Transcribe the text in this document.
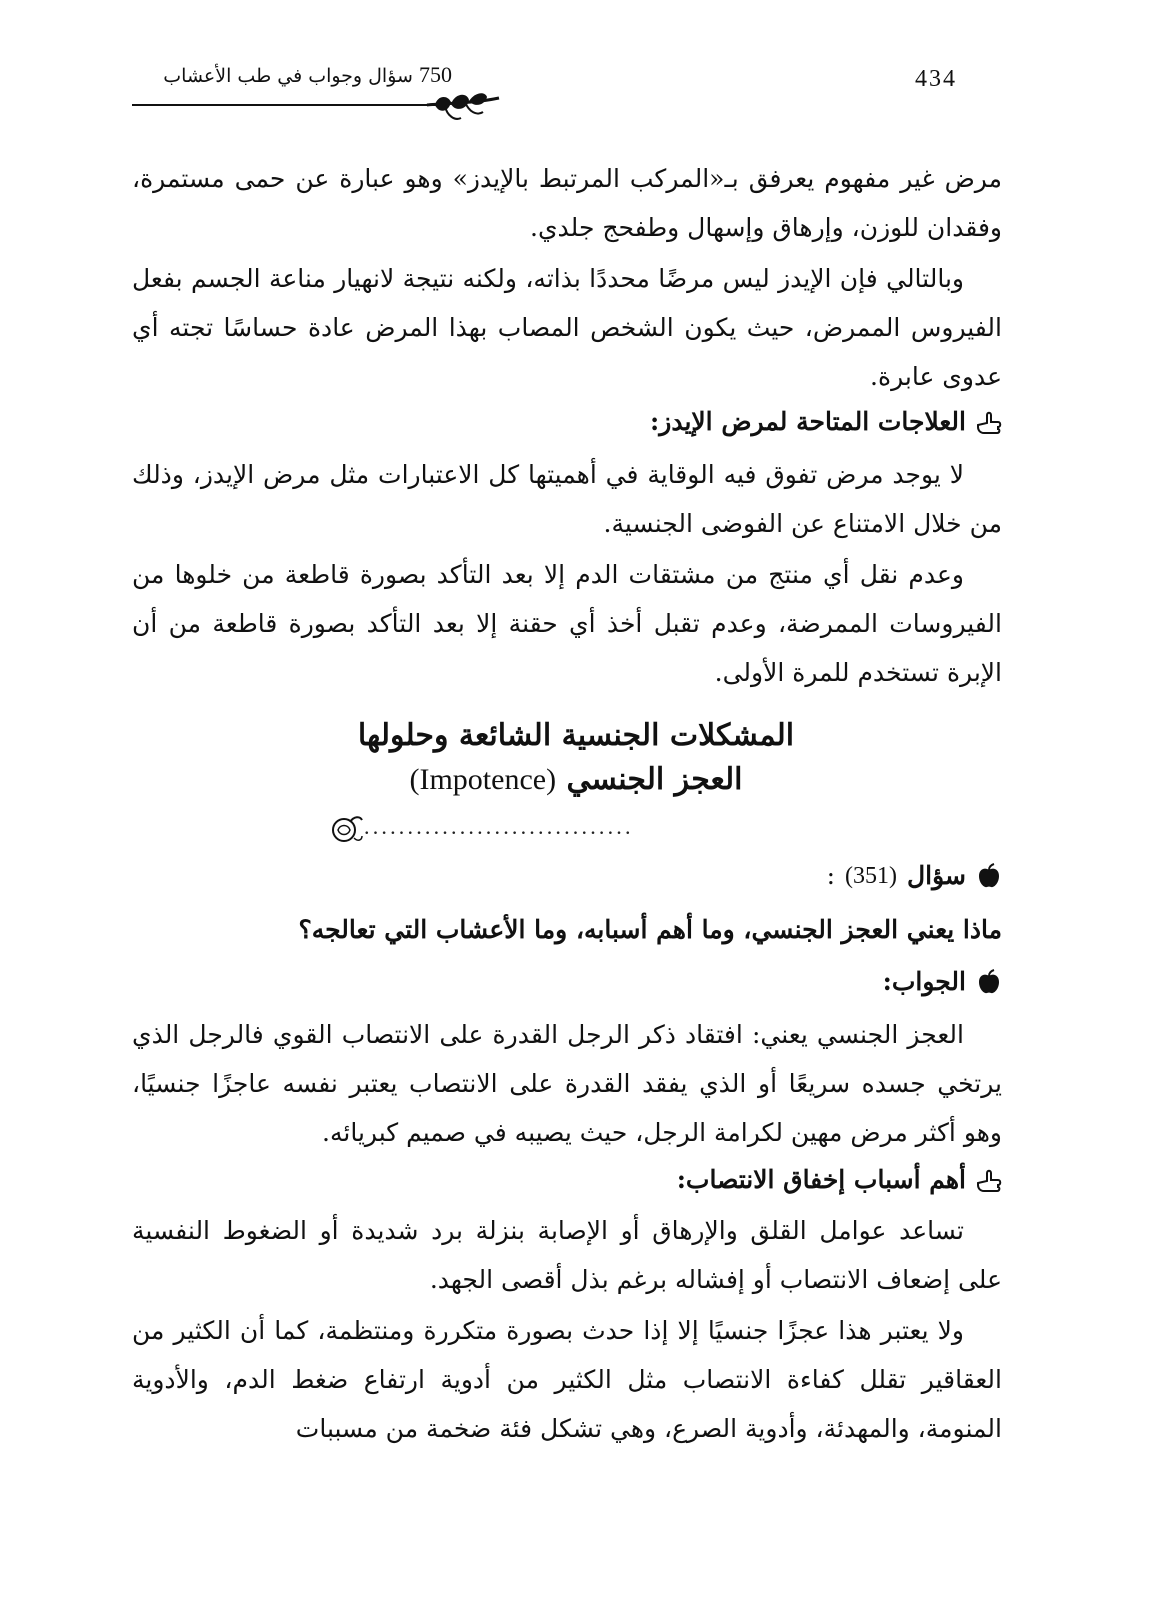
434
750 سؤال وجواب في طب الأعشاب
مرض غير مفهوم يعرفق بـ«المركب المرتبط بالإيدز» وهو عبارة عن حمى مستمرة، وفقدان للوزن، وإرهاق وإسهال وطفحج جلدي.
وبالتالي فإن الإيدز ليس مرضًا محددًا بذاته، ولكنه نتيجة لانهيار مناعة الجسم بفعل الفيروس الممرض، حيث يكون الشخص المصاب بهذا المرض عادة حساسًا تجته أي عدوى عابرة.
العلاجات المتاحة لمرض الإيدز:
لا يوجد مرض تفوق فيه الوقاية في أهميتها كل الاعتبارات مثل مرض الإيدز، وذلك من خلال الامتناع عن الفوضى الجنسية.
وعدم نقل أي منتج من مشتقات الدم إلا بعد التأكد بصورة قاطعة من خلوها من الفيروسات الممرضة، وعدم تقبل أخذ أي حقنة إلا بعد التأكد بصورة قاطعة من أن الإبرة تستخدم للمرة الأولى.
المشكلات الجنسية الشائعة وحلولها
العجز الجنسي (Impotence)
...............................
سؤال
(351)
:
ماذا يعني العجز الجنسي، وما أهم أسبابه، وما الأعشاب التي تعالجه؟
الجواب:
العجز الجنسي يعني: افتقاد ذكر الرجل القدرة على الانتصاب القوي فالرجل الذي يرتخي جسده سريعًا أو الذي يفقد القدرة على الانتصاب يعتبر نفسه عاجزًا جنسيًا، وهو أكثر مرض مهين لكرامة الرجل، حيث يصيبه في صميم كبريائه.
أهم أسباب إخفاق الانتصاب:
تساعد عوامل القلق والإرهاق أو الإصابة بنزلة برد شديدة أو الضغوط النفسية على إضعاف الانتصاب أو إفشاله برغم بذل أقصى الجهد.
ولا يعتبر هذا عجزًا جنسيًا إلا إذا حدث بصورة متكررة ومنتظمة، كما أن الكثير من العقاقير تقلل كفاءة الانتصاب مثل الكثير من أدوية ارتفاع ضغط الدم، والأدوية المنومة، والمهدئة، وأدوية الصرع، وهي تشكل فئة ضخمة من مسببات
